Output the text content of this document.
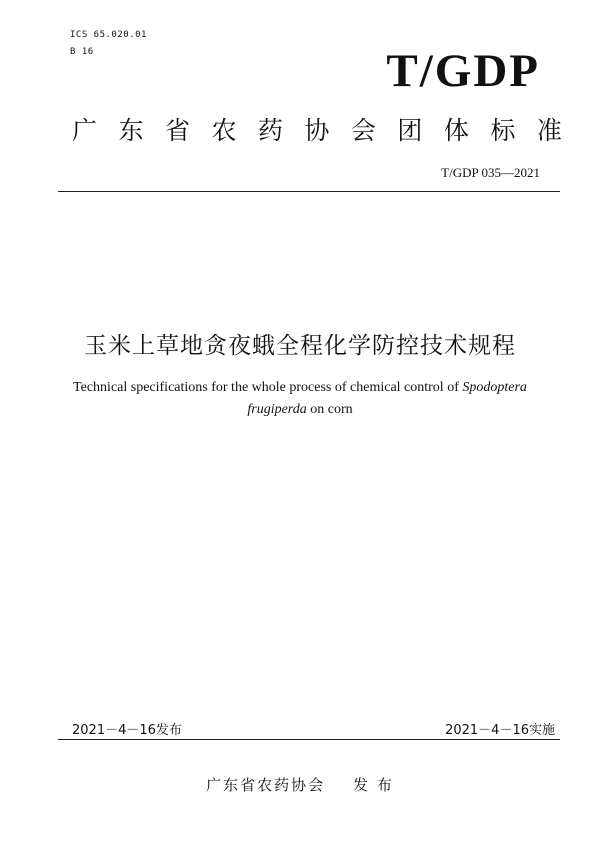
ICS 65.020.01
B 16	T/GDP
广 东 省 农 药 协 会 团 体 标 准
T/GDP 035—2021
玉米上草地贪夜蛾全程化学防控技术规程
Technical specifications for the whole process of chemical control of Spodoptera
frugiperda on corn
2021－4－16发布	2021－4－16实施
广东省农药协会 发 布
